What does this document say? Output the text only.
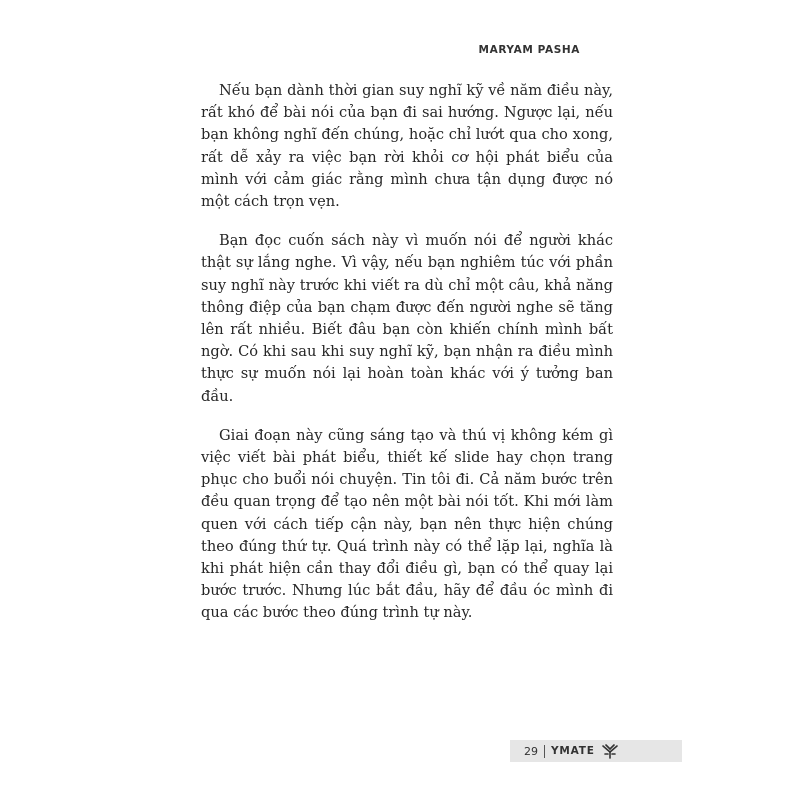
MARYAM PASHA

Nếu bạn dành thời gian suy nghĩ kỹ về năm điều này, rất khó để bài nói của bạn đi sai hướng. Ngược lại, nếu bạn không nghĩ đến chúng, hoặc chỉ lướt qua cho xong, rất dễ xảy ra việc bạn rời khỏi cơ hội phát biểu của mình với cảm giác rằng mình chưa tận dụng được nó một cách trọn vẹn.

Bạn đọc cuốn sách này vì muốn nói để người khác thật sự lắng nghe. Vì vậy, nếu bạn nghiêm túc với phần suy nghĩ này trước khi viết ra dù chỉ một câu, khả năng thông điệp của bạn chạm được đến người nghe sẽ tăng lên rất nhiều. Biết đâu bạn còn khiến chính mình bất ngờ. Có khi sau khi suy nghĩ kỹ, bạn nhận ra điều mình thực sự muốn nói lại hoàn toàn khác với ý tưởng ban đầu.

Giai đoạn này cũng sáng tạo và thú vị không kém gì việc viết bài phát biểu, thiết kế slide hay chọn trang phục cho buổi nói chuyện. Tin tôi đi. Cả năm bước trên đều quan trọng để tạo nên một bài nói tốt. Khi mới làm quen với cách tiếp cận này, bạn nên thực hiện chúng theo đúng thứ tự. Quá trình này có thể lặp lại, nghĩa là khi phát hiện cần thay đổi điều gì, bạn có thể quay lại bước trước. Nhưng lúc bắt đầu, hãy để đầu óc mình đi qua các bước theo đúng trình tự này.

29 YMATE
